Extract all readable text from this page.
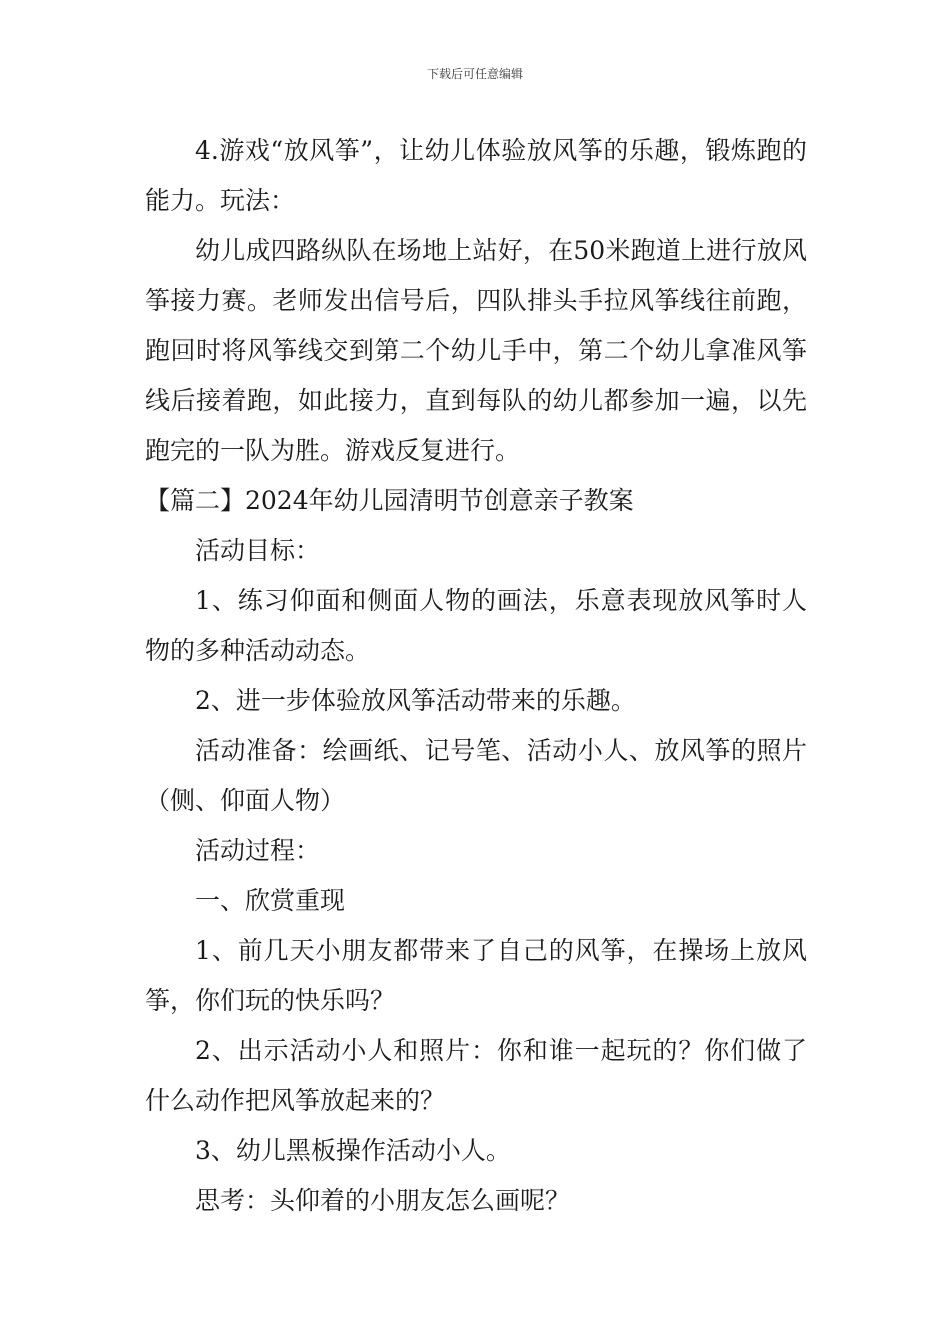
下载后可任意编辑

4.游戏“放风筝”，让幼儿体验放风筝的乐趣，锻炼跑的能力。玩法：

幼儿成四路纵队在场地上站好，在50米跑道上进行放风筝接力赛。老师发出信号后，四队排头手拉风筝线往前跑，跑回时将风筝线交到第二个幼儿手中，第二个幼儿拿准风筝线后接着跑，如此接力，直到每队的幼儿都参加一遍，以先跑完的一队为胜。游戏反复进行。

【篇二】2024年幼儿园清明节创意亲子教案

活动目标：

1、练习仰面和侧面人物的画法，乐意表现放风筝时人物的多种活动动态。

2、进一步体验放风筝活动带来的乐趣。

活动准备：绘画纸、记号笔、活动小人、放风筝的照片（侧、仰面人物）

活动过程：

一、欣赏重现

1、前几天小朋友都带来了自己的风筝，在操场上放风筝，你们玩的快乐吗？

2、出示活动小人和照片：你和谁一起玩的？你们做了什么动作把风筝放起来的？

3、幼儿黑板操作活动小人。

思考：头仰着的小朋友怎么画呢？
